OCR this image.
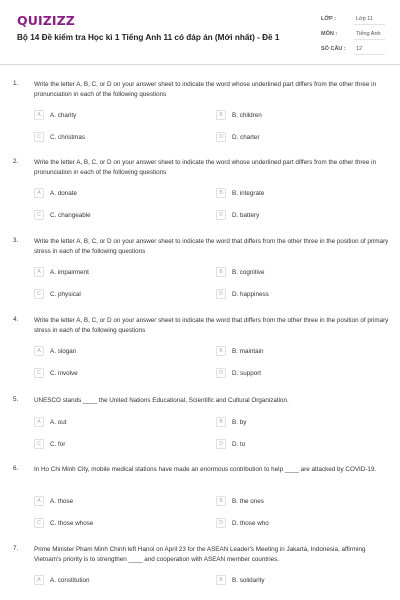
QUIZIZZ
Bộ 14 Đề kiểm tra Học kì 1 Tiếng Anh 11 có đáp án (Mới nhất) - Đề 1
LỚP :	Lớp 11
MÔN :	Tiếng Anh
SỐ CÂU : 12
1. Write the letter A, B, C, or D on your answer sheet to indicate the word whose underlined part differs from the other three in pronunciation in each of the following questions
A	A. charity	B	B. children
C	C. christmas	D	D. charter
2. Write the letter A, B, C, or D on your answer sheet to indicate the word whose underlined part differs from the other three in pronunciation in each of the following questions
A	A. donate	B	B. integrate
C	C. changeable	D	D. battery
3. Write the letter A, B, C, or D on your answer sheet to indicate the word that differs from the other three in the position of primary stress in each of the following questions
A	A. impairment	B	B. cognitive
C	C. physical	D	D. happiness
4. Write the letter A, B, C, or D on your answer sheet to indicate the word that differs from the other three in the position of primary stress in each of the following questions
A	A. slogan	B	B. maintain
C	C. involve	D	D. support
5. UNESCO stands ____ the United Nations Educational, Scientific and Cultural Organization.
A	A. out	B	B. by
C	C. for	D	D. to
6. In Ho Chi Minh City, mobile medical stations have made an enormous contribution to help ____ are attacked by COVID-19.
A	A. those	B	B. the ones
C	C. those whose	D	D. those who
7. Prime Minister Pham Minh Chinh left Hanoi on April 23 for the ASEAN Leader's Meeting in Jakarta, Indonesia, affirming Vietnam's priority is to strengthen ____ and cooperation with ASEAN member countries.
A	A. constitution	B	B. solidarity
